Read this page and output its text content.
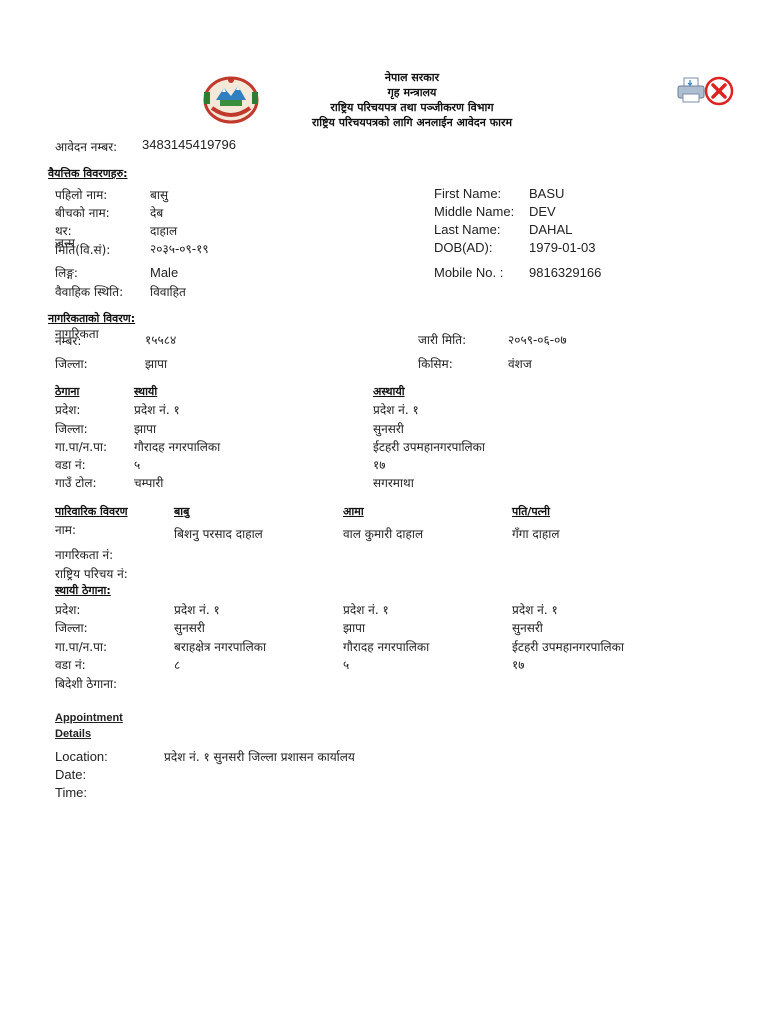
नेपाल सरकार
गृह मन्त्रालय
राष्ट्रिय परिचयपत्र तथा पञ्जीकरण विभाग
राष्ट्रिय परिचयपत्रको लागि अनलाईन आवेदन फारम
आवेदन नम्बर: 3483145419796
वैयत्तिक विवरणहरु:
पहिलो नाम:	बासु
बीचको नाम:	देब
थर:	दाहाल
जन्म मिति(वि.सं):	२०३५-०९-१९
लिङ्ग:	Male
वैवाहिक स्थिति: विवाहित
First Name: BASU
Middle Name: DEV
Last Name: DAHAL
DOB(AD):	1979-01-03
Mobile No. : 9816329166
नागरिकताको विवरण:
नागरिकता नम्बर:	१५५८४	जारी मिति:	२०५९-०६-०७
जिल्ला:	झापा	किसिम:	वंशज
ठेगाना	स्थायी	अस्थायी
प्रदेश:	प्रदेश नं. १	प्रदेश नं. १
जिल्ला:	झापा	सुनसरी
गा.पा/न.पा: गौरादह नगरपालिका	ईटहरी उपमहानगरपालिका
वडा नं:	५	१७
गाउँ टोल:	चम्पारी	सगरमाथा
पारिवारिक विवरण	बाबु	आमा	पति/पत्नी
नाम:	बिशनु परसाद दाहाल	वाल कुमारी दाहाल	गँगा दाहाल
नागरिकता नं:
राष्ट्रिय परिचय नं:
स्थायी ठेगाना:
प्रदेश:	प्रदेश नं. १	प्रदेश नं. १	प्रदेश नं. १
जिल्ला:	सुनसरी	झापा	सुनसरी
गा.पा/न.पा:	बराहक्षेत्र नगरपालिका	गौरादह नगरपालिका	ईटहरी उपमहानगरपालिका
वडा नं:	८	५	१७
बिदेशी ठेगाना:
Appointment
Details
Location:	प्रदेश नं. १ सुनसरी जिल्ला प्रशासन कार्यालय
Date:
Time:
